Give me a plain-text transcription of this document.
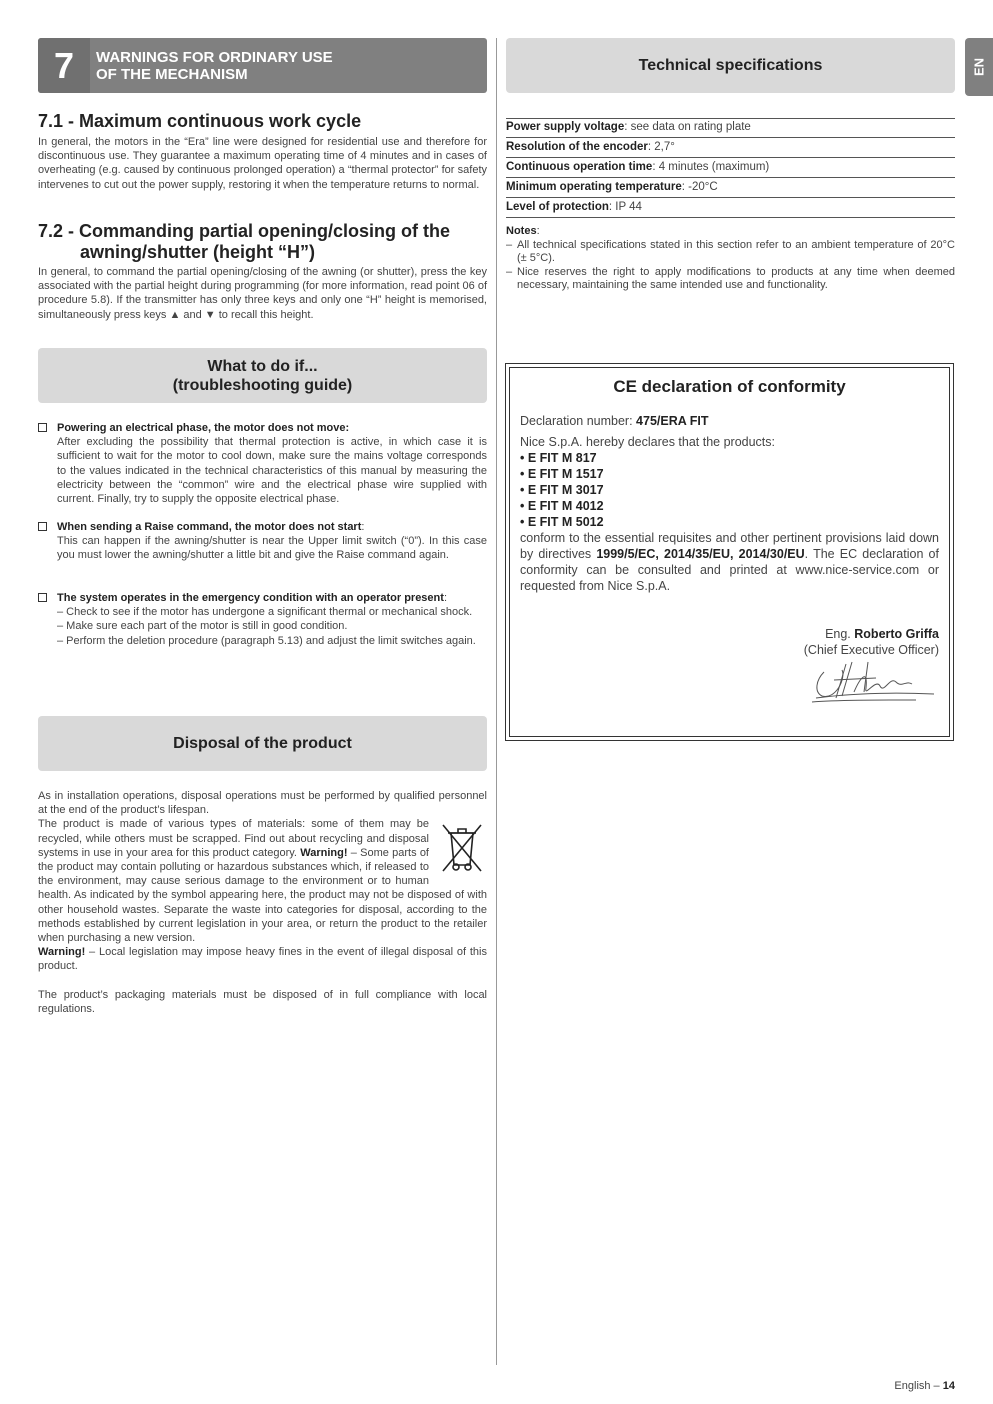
7	WARNINGS FOR ORDINARY USE
OF THE MECHANISM	EN
7.1 - Maximum continuous work cycle

In general, the motors in the “Era” line were designed for residential use and therefore for discontinuous use. They guarantee a maximum operating time of 4 minutes and in cases of overheating (e.g. caused by continuous prolonged operation) a “thermal protector” for safety intervenes to cut out the power supply, restoring it when the temperature returns to normal.

7.2 - Commanding partial opening/closing of the
awning/shutter (height “H”)

In general, to command the partial opening/closing of the awning (or shutter), press the key associated with the partial height during programming (for more information, read point 06 of procedure 5.8). If the transmitter has only three keys and only one “H” height is memorised, simultaneously press keys ▲ and ▼ to recall this height.

What to do if...
(troubleshooting guide)
Powering an electrical phase, the motor does not move:
After excluding the possibility that thermal protection is active, in which case it is sufficient to wait for the motor to cool down, make sure the mains voltage corresponds to the values indicated in the technical characteristics of this manual by measuring the electricity between the “common” wire and the electrical phase wire supplied with current. Finally, try to supply the opposite electrical phase.
When sending a Raise command, the motor does not start:
This can happen if the awning/shutter is near the Upper limit switch (“0”). In this case you must lower the awning/shutter a little bit and give the Raise command again.
The system operates in the emergency condition with an operator present:
– Check to see if the motor has undergone a significant thermal or mechanical shock.
– Make sure each part of the motor is still in good condition.
– Perform the deletion procedure (paragraph 5.13) and adjust the limit switches again.
Disposal of the product
As in installation operations, disposal operations must be performed by qualified personnel at the end of the product’s lifespan.
The product is made of various types of materials: some of them may be recycled, while others must be scrapped. Find out about recycling and disposal systems in use in your area for this product category. Warning! – Some parts of the product may contain polluting or hazardous substances which, if released to the environment, may cause serious damage to the environment or to human health. As indicated by the symbol appearing here, the product may not be disposed of with other household wastes. Separate the waste into categories for disposal, according to the methods established by current legislation in your area, or return the product to the retailer when purchasing a new version.
Warning! – Local legislation may impose heavy fines in the event of illegal disposal of this product.
The product’s packaging materials must be disposed of in full compliance with local regulations.
Technical specifications
Power supply voltage: see data on rating plate
Resolution of the encoder: 2,7°
Continuous operation time: 4 minutes (maximum)
Minimum operating temperature: -20°C
Level of protection: IP 44
Notes:
– All technical specifications stated in this section refer to an ambient temperature of 20°C (± 5°C).
– Nice reserves the right to apply modifications to products at any time when deemed necessary, maintaining the same intended use and functionality.
CE declaration of conformity
Declaration number: 475/ERA FIT
Nice S.p.A. hereby declares that the products:
• E FIT M 817
• E FIT M 1517
• E FIT M 3017
• E FIT M 4012
• E FIT M 5012
conform to the essential requisites and other pertinent provisions laid down by directives 1999/5/EC, 2014/35/EU, 2014/30/EU. The EC declaration of conformity can be consulted and printed at www.nice-service.com or requested from Nice S.p.A.
Eng. Roberto Griffa
(Chief Executive Officer)
English – 14
